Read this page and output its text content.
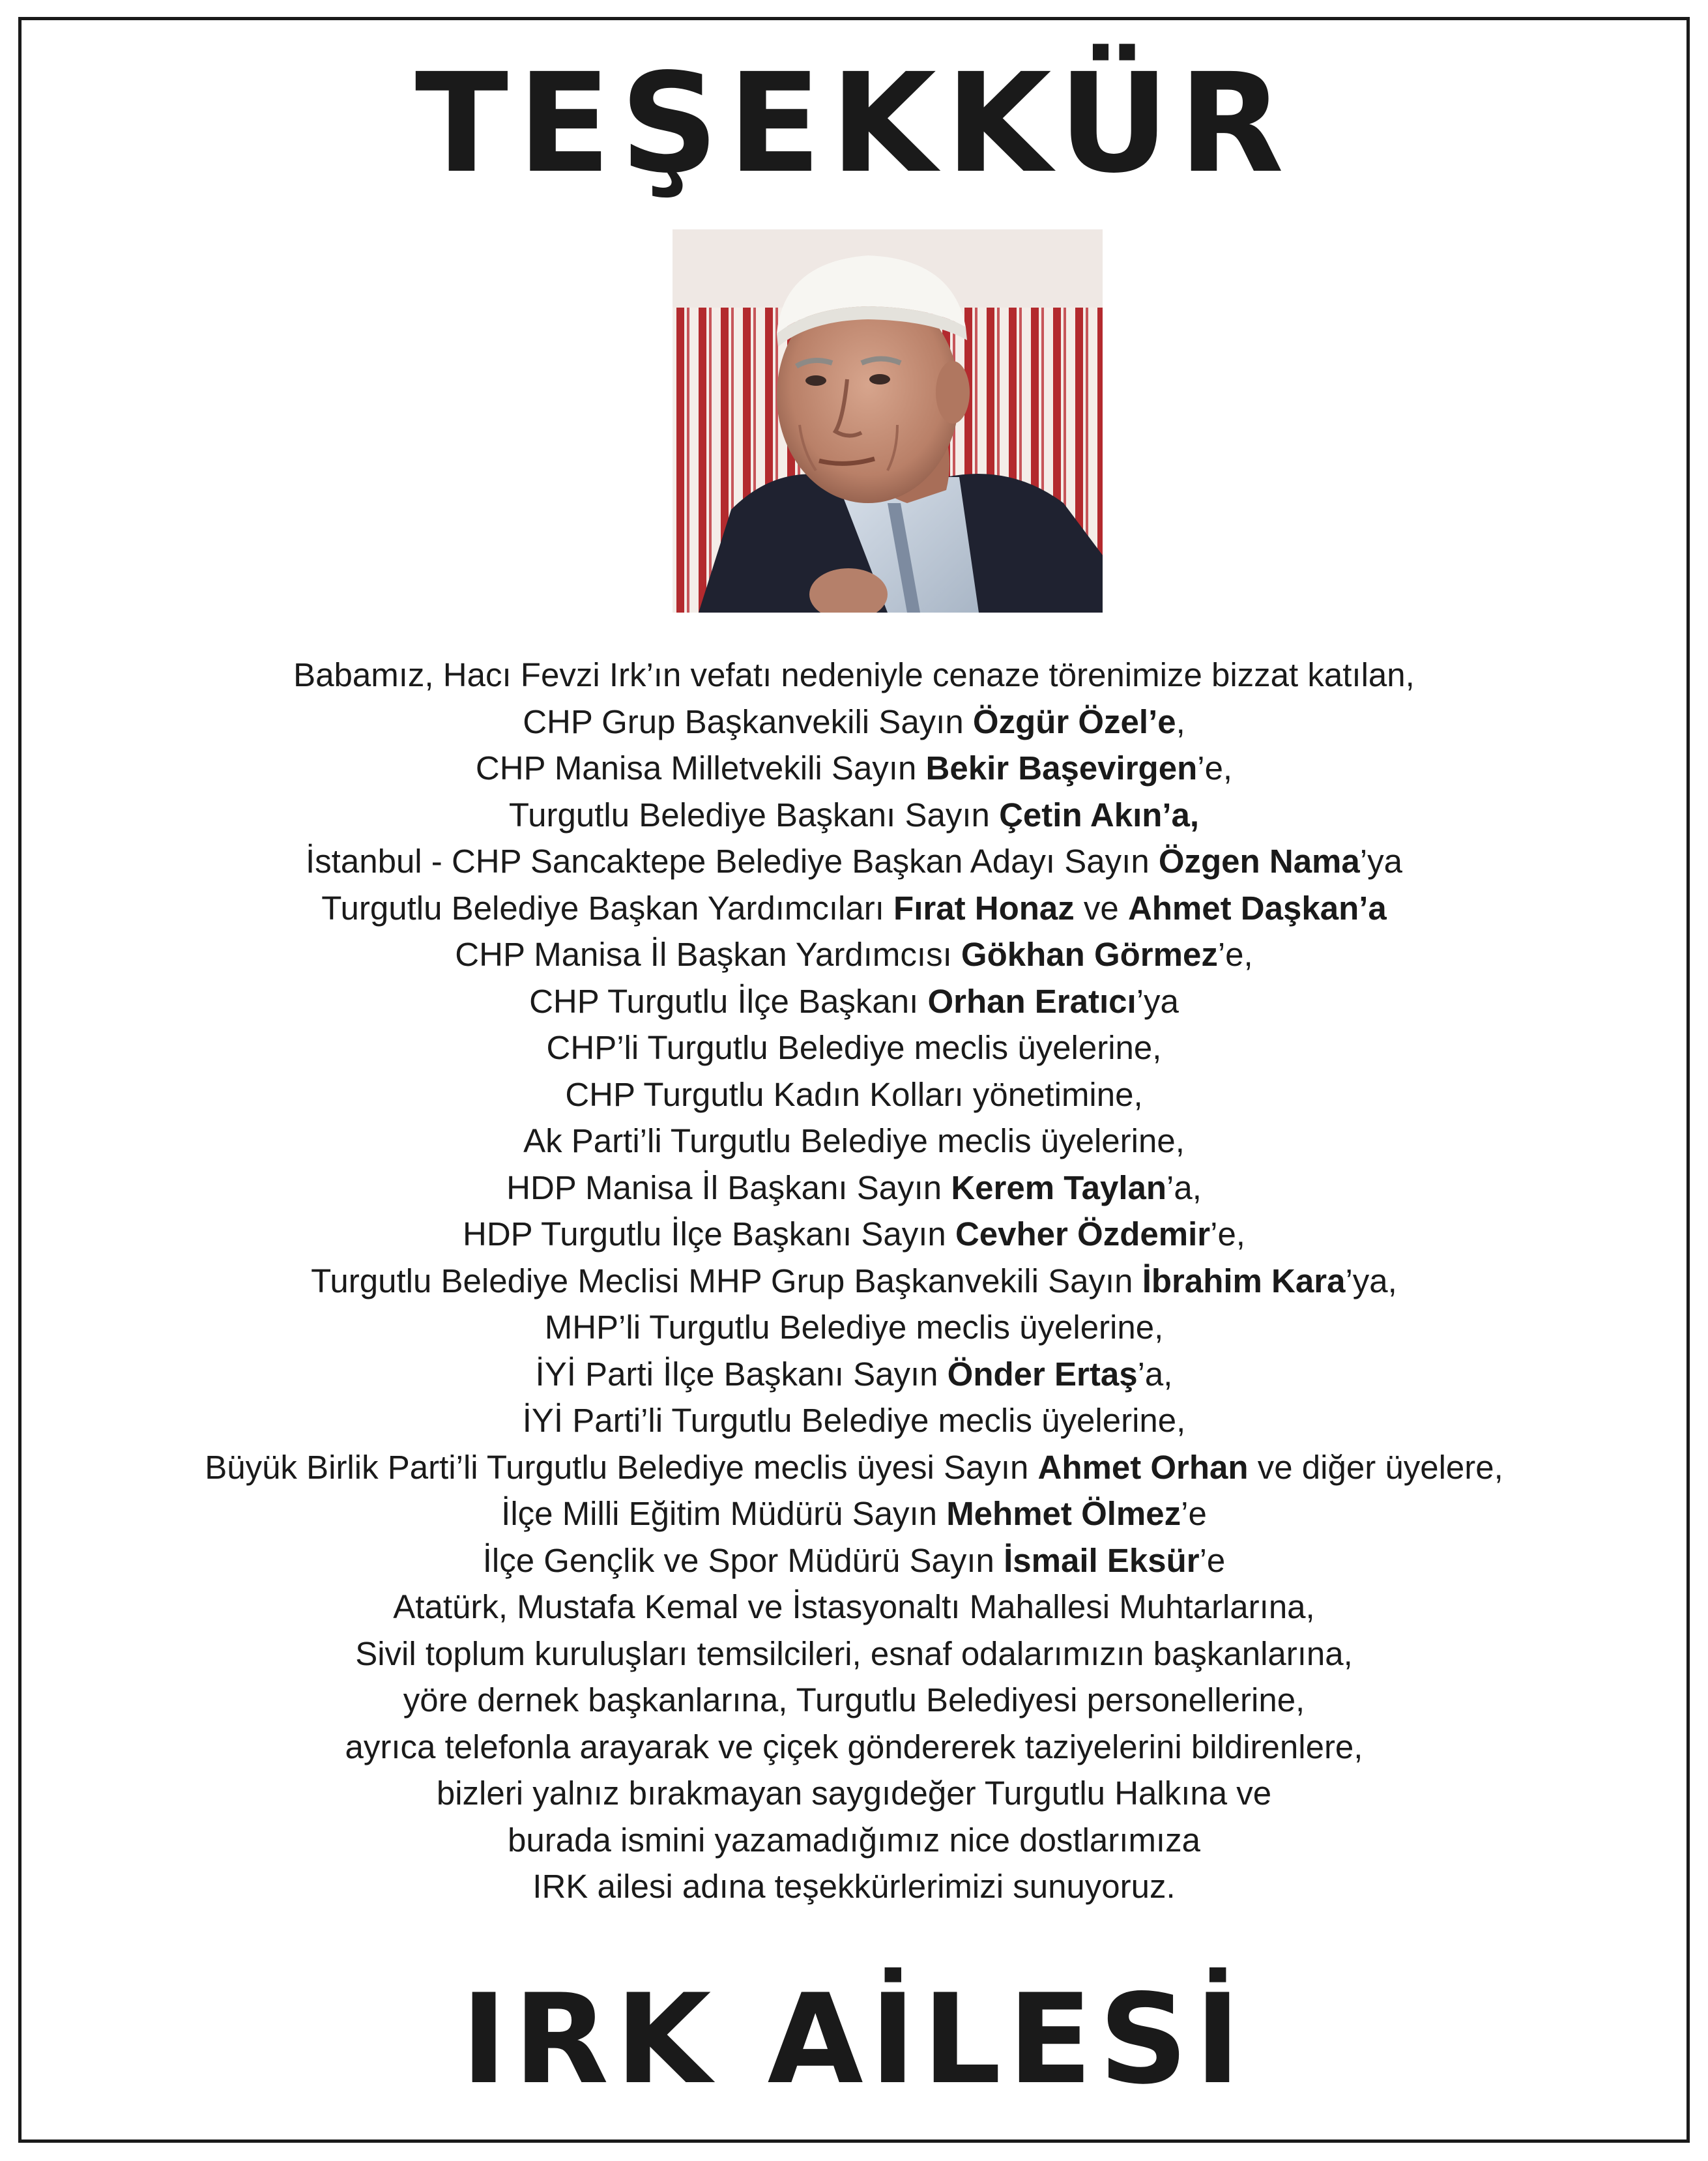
TEŞEKKÜR
Babamız, Hacı Fevzi Irk’ın vefatı nedeniyle cenaze törenimize bizzat katılan,
CHP Grup Başkanvekili Sayın Özgür Özel’e,
CHP Manisa Milletvekili Sayın Bekir Başevirgen’e,
Turgutlu Belediye Başkanı Sayın Çetin Akın’a,
İstanbul - CHP Sancaktepe Belediye Başkan Adayı Sayın Özgen Nama’ya
Turgutlu Belediye Başkan Yardımcıları Fırat Honaz ve Ahmet Daşkan’a
CHP Manisa İl Başkan Yardımcısı Gökhan Görmez’e,
CHP Turgutlu İlçe Başkanı Orhan Eratıcı’ya
CHP’li Turgutlu Belediye meclis üyelerine,
CHP Turgutlu Kadın Kolları yönetimine,
Ak Parti’li Turgutlu Belediye meclis üyelerine,
HDP Manisa İl Başkanı Sayın Kerem Taylan’a,
HDP Turgutlu İlçe Başkanı Sayın Cevher Özdemir’e,
Turgutlu Belediye Meclisi MHP Grup Başkanvekili Sayın İbrahim Kara’ya,
MHP’li Turgutlu Belediye meclis üyelerine,
İYİ Parti İlçe Başkanı Sayın Önder Ertaş’a,
İYİ Parti’li Turgutlu Belediye meclis üyelerine,
Büyük Birlik Parti’li Turgutlu Belediye meclis üyesi Sayın Ahmet Orhan ve diğer üyelere,
İlçe Milli Eğitim Müdürü Sayın Mehmet Ölmez’e
İlçe Gençlik ve Spor Müdürü Sayın İsmail Eksür’e
Atatürk, Mustafa Kemal ve İstasyonaltı Mahallesi Muhtarlarına,
Sivil toplum kuruluşları temsilcileri, esnaf odalarımızın başkanlarına,
yöre dernek başkanlarına, Turgutlu Belediyesi personellerine,
ayrıca telefonla arayarak ve çiçek göndererek taziyelerini bildirenlere,
bizleri yalnız bırakmayan saygıdeğer Turgutlu Halkına ve
burada ismini yazamadığımız nice dostlarımıza
IRK ailesi adına teşekkürlerimizi sunuyoruz.
IRK AİLESİ
